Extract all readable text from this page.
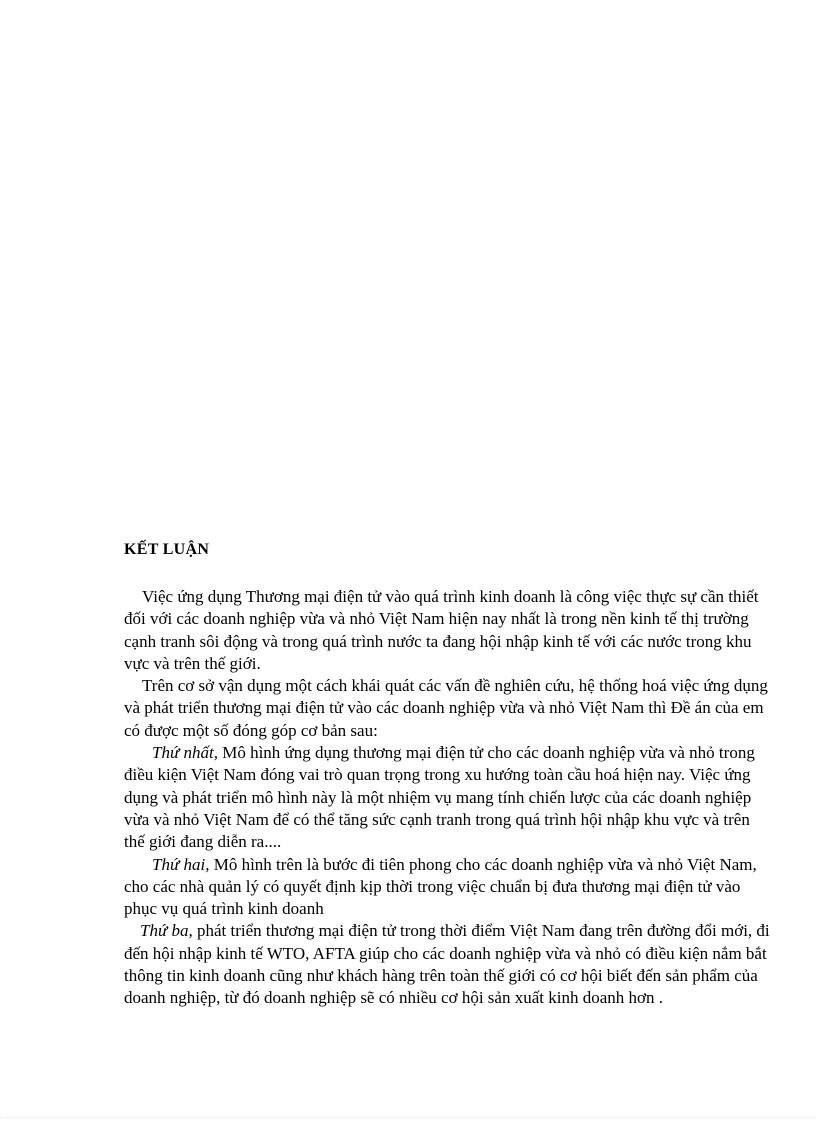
KẾT LUẬN

Việc ứng dụng Thương mại điện tử vào quá trình kinh doanh là công việc thực sự cần thiết đối với các doanh nghiệp vừa và nhỏ Việt Nam hiện nay nhất là trong nền kinh tế thị trường cạnh tranh sôi động và trong quá trình nước ta đang hội nhập kinh tế với các nước trong khu vực và trên thế giới.

Trên cơ sở vận dụng một cách khái quát các vấn đề nghiên cứu, hệ thống hoá việc ứng dụng và phát triển thương mại điện tử vào các doanh nghiệp vừa và nhỏ Việt Nam thì Đề án của em có được một số đóng góp cơ bản sau:

Thứ nhất, Mô hình ứng dụng thương mại điện tử cho các doanh nghiệp vừa và nhỏ trong điều kiện Việt Nam đóng vai trò quan trọng trong xu hướng toàn cầu hoá hiện nay. Việc ứng dụng và phát triển mô hình này là một nhiệm vụ mang tính chiến lược của các doanh nghiệp vừa và nhỏ Việt Nam để có thể tăng sức cạnh tranh trong quá trình hội nhập khu vực và trên thế giới đang diễn ra....

Thứ hai, Mô hình trên là bước đi tiên phong cho các doanh nghiệp vừa và nhỏ Việt Nam, cho các nhà quản lý có quyết định kịp thời trong việc chuẩn bị đưa thương mại điện tử vào phục vụ quá trình kinh doanh

Thứ ba, phát triển thương mại điện tử trong thời điểm Việt Nam đang trên đường đổi mới, đi đến hội nhập kinh tế WTO, AFTA giúp cho các doanh nghiệp vừa và nhỏ có điều kiện nắm bắt thông tin kinh doanh cũng như khách hàng trên toàn thế giới có cơ hội biết đến sản phẩm của doanh nghiệp, từ đó doanh nghiệp sẽ có nhiều cơ hội sản xuất kinh doanh hơn .
